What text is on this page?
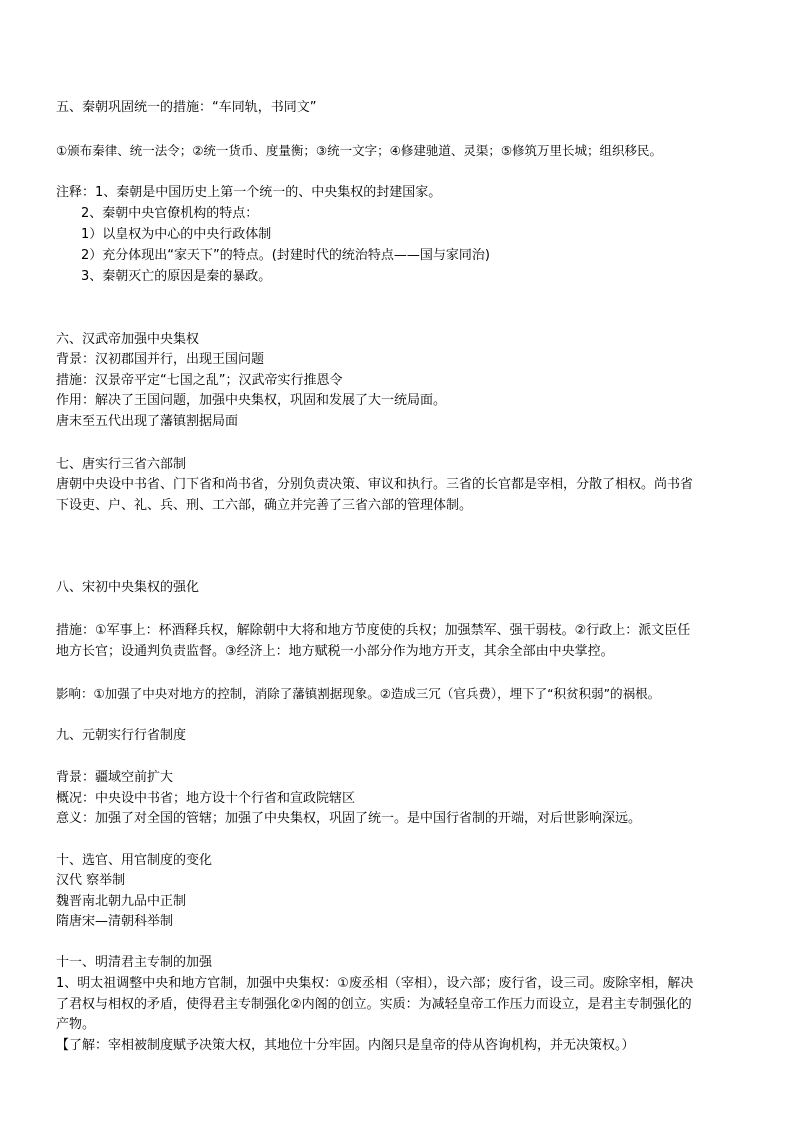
五、秦朝巩固统一的措施：“车同轨，书同文”
①颁布秦律、统一法令；②统一货币、度量衡；③统一文字；④修建驰道、灵渠；⑤修筑万里长城；组织移民。
注释：1、秦朝是中国历史上第一个统一的、中央集权的封建国家。
2、秦朝中央官僚机构的特点：
1）以皇权为中心的中央行政体制
2）充分体现出“家天下”的特点。(封建时代的统治特点——国与家同治)
3、秦朝灭亡的原因是秦的暴政。
六、汉武帝加强中央集权
背景：汉初郡国并行，出现王国问题
措施：汉景帝平定“七国之乱”；汉武帝实行推恩令
作用：解决了王国问题，加强中央集权，巩固和发展了大一统局面。
唐末至五代出现了藩镇割据局面
七、唐实行三省六部制
唐朝中央设中书省、门下省和尚书省，分别负责决策、审议和执行。三省的长官都是宰相，分散了相权。尚书省
下设吏、户、礼、兵、刑、工六部，确立并完善了三省六部的管理体制。
八、宋初中央集权的强化
措施：①军事上：杯酒释兵权，解除朝中大将和地方节度使的兵权；加强禁军、强干弱枝。②行政上：派文臣任
地方长官；设通判负责监督。③经济上：地方赋税一小部分作为地方开支，其余全部由中央掌控。
影响：①加强了中央对地方的控制，消除了藩镇割据现象。②造成三冗（官兵费），埋下了“积贫积弱”的祸根。
九、元朝实行行省制度
背景：疆域空前扩大
概况：中央设中书省；地方设十个行省和宣政院辖区
意义：加强了对全国的管辖；加强了中央集权，巩固了统一。是中国行省制的开端，对后世影响深远。
十、选官、用官制度的变化
汉代 察举制
魏晋南北朝九品中正制
隋唐宋—清朝科举制
十一、明清君主专制的加强
1、明太祖调整中央和地方官制，加强中央集权：①废丞相（宰相），设六部；废行省，设三司。废除宰相，解决
了君权与相权的矛盾，使得君主专制强化②内阁的创立。实质：为减轻皇帝工作压力而设立，是君主专制强化的
产物。
【了解：宰相被制度赋予决策大权，其地位十分牢固。内阁只是皇帝的侍从咨询机构，并无决策权。）
